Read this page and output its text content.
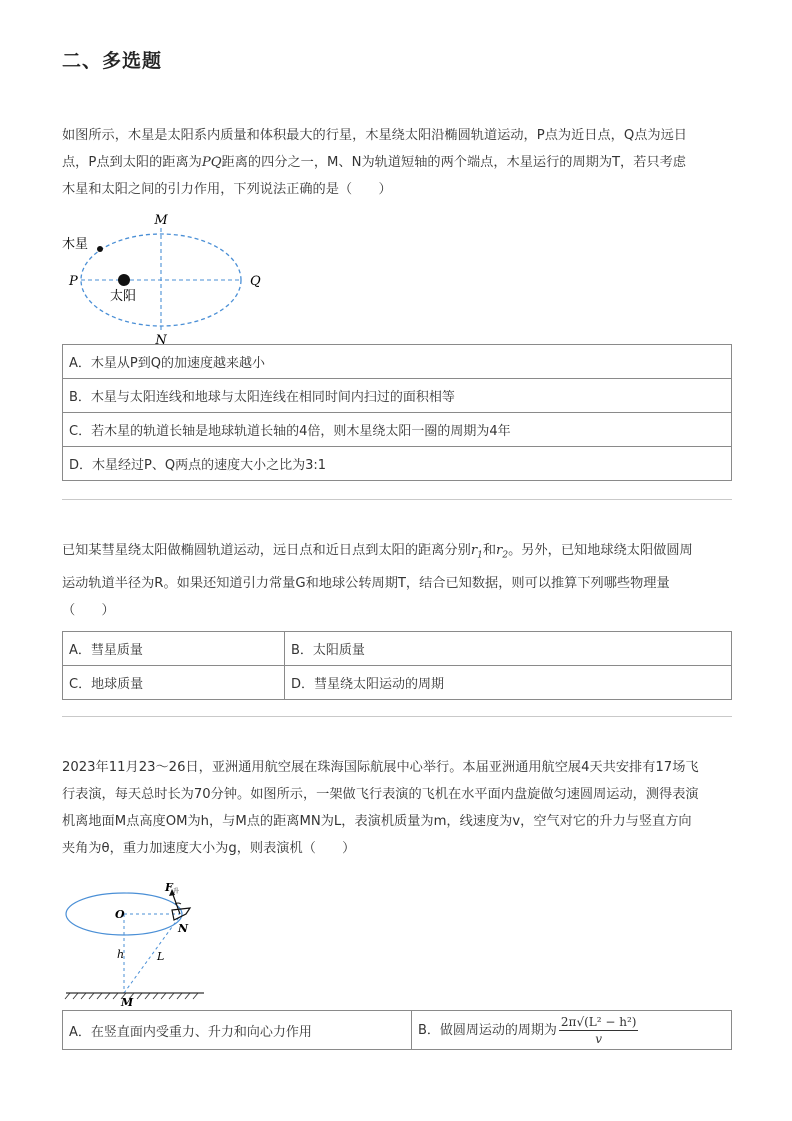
二、多选题
如图所示，木星是太阳系内质量和体积最大的行星，木星绕太阳沿椭圆轨道运动，P点为近日点，Q点为远日
点，P点到太阳的距离为PQ距离的四分之一，M、N为轨道短轴的两个端点，木星运行的周期为T，若只考虑
木星和太阳之间的引力作用，下列说法正确的是（　　）
M
N
P	Q
木星
太阳
A．木星从P到Q的加速度越来越小
B．木星与太阳连线和地球与太阳连线在相同时间内扫过的面积相等
C．若木星的轨道长轴是地球轨道长轴的4倍，则木星绕太阳一圈的周期为4年
D．木星经过P、Q两点的速度大小之比为3:1
已知某彗星绕太阳做椭圆轨道运动，远日点和近日点到太阳的距离分别$r_1$和$r_2$。另外，已知地球绕太阳做圆周
运动轨道半径为R。如果还知道引力常量G和地球公转周期T，结合已知数据，则可以推算下列哪些物理量
（　　）
A．彗星质量	B．太阳质量
C．地球质量	D．彗星绕太阳运动的周期
2023年11月23～26日，亚洲通用航空展在珠海国际航展中心举行。本届亚洲通用航空展4天共安排有17场飞
行表演，每天总时长为70分钟。如图所示，一架做飞行表演的飞机在水平面内盘旋做匀速圆周运动，测得表演
机离地面M点高度OM为h，与M点的距离MN为L，表演机质量为m，线速度为v，空气对它的升力与竖直方向
夹角为θ，重力加速度大小为g，则表演机（　　）
O
N
M
h	L
F 升
A．在竖直面内受重力、升力和向心力作用	B．做圆周运动的周期为 $\frac{\text{2π√(L² − h²)}}{v}$
